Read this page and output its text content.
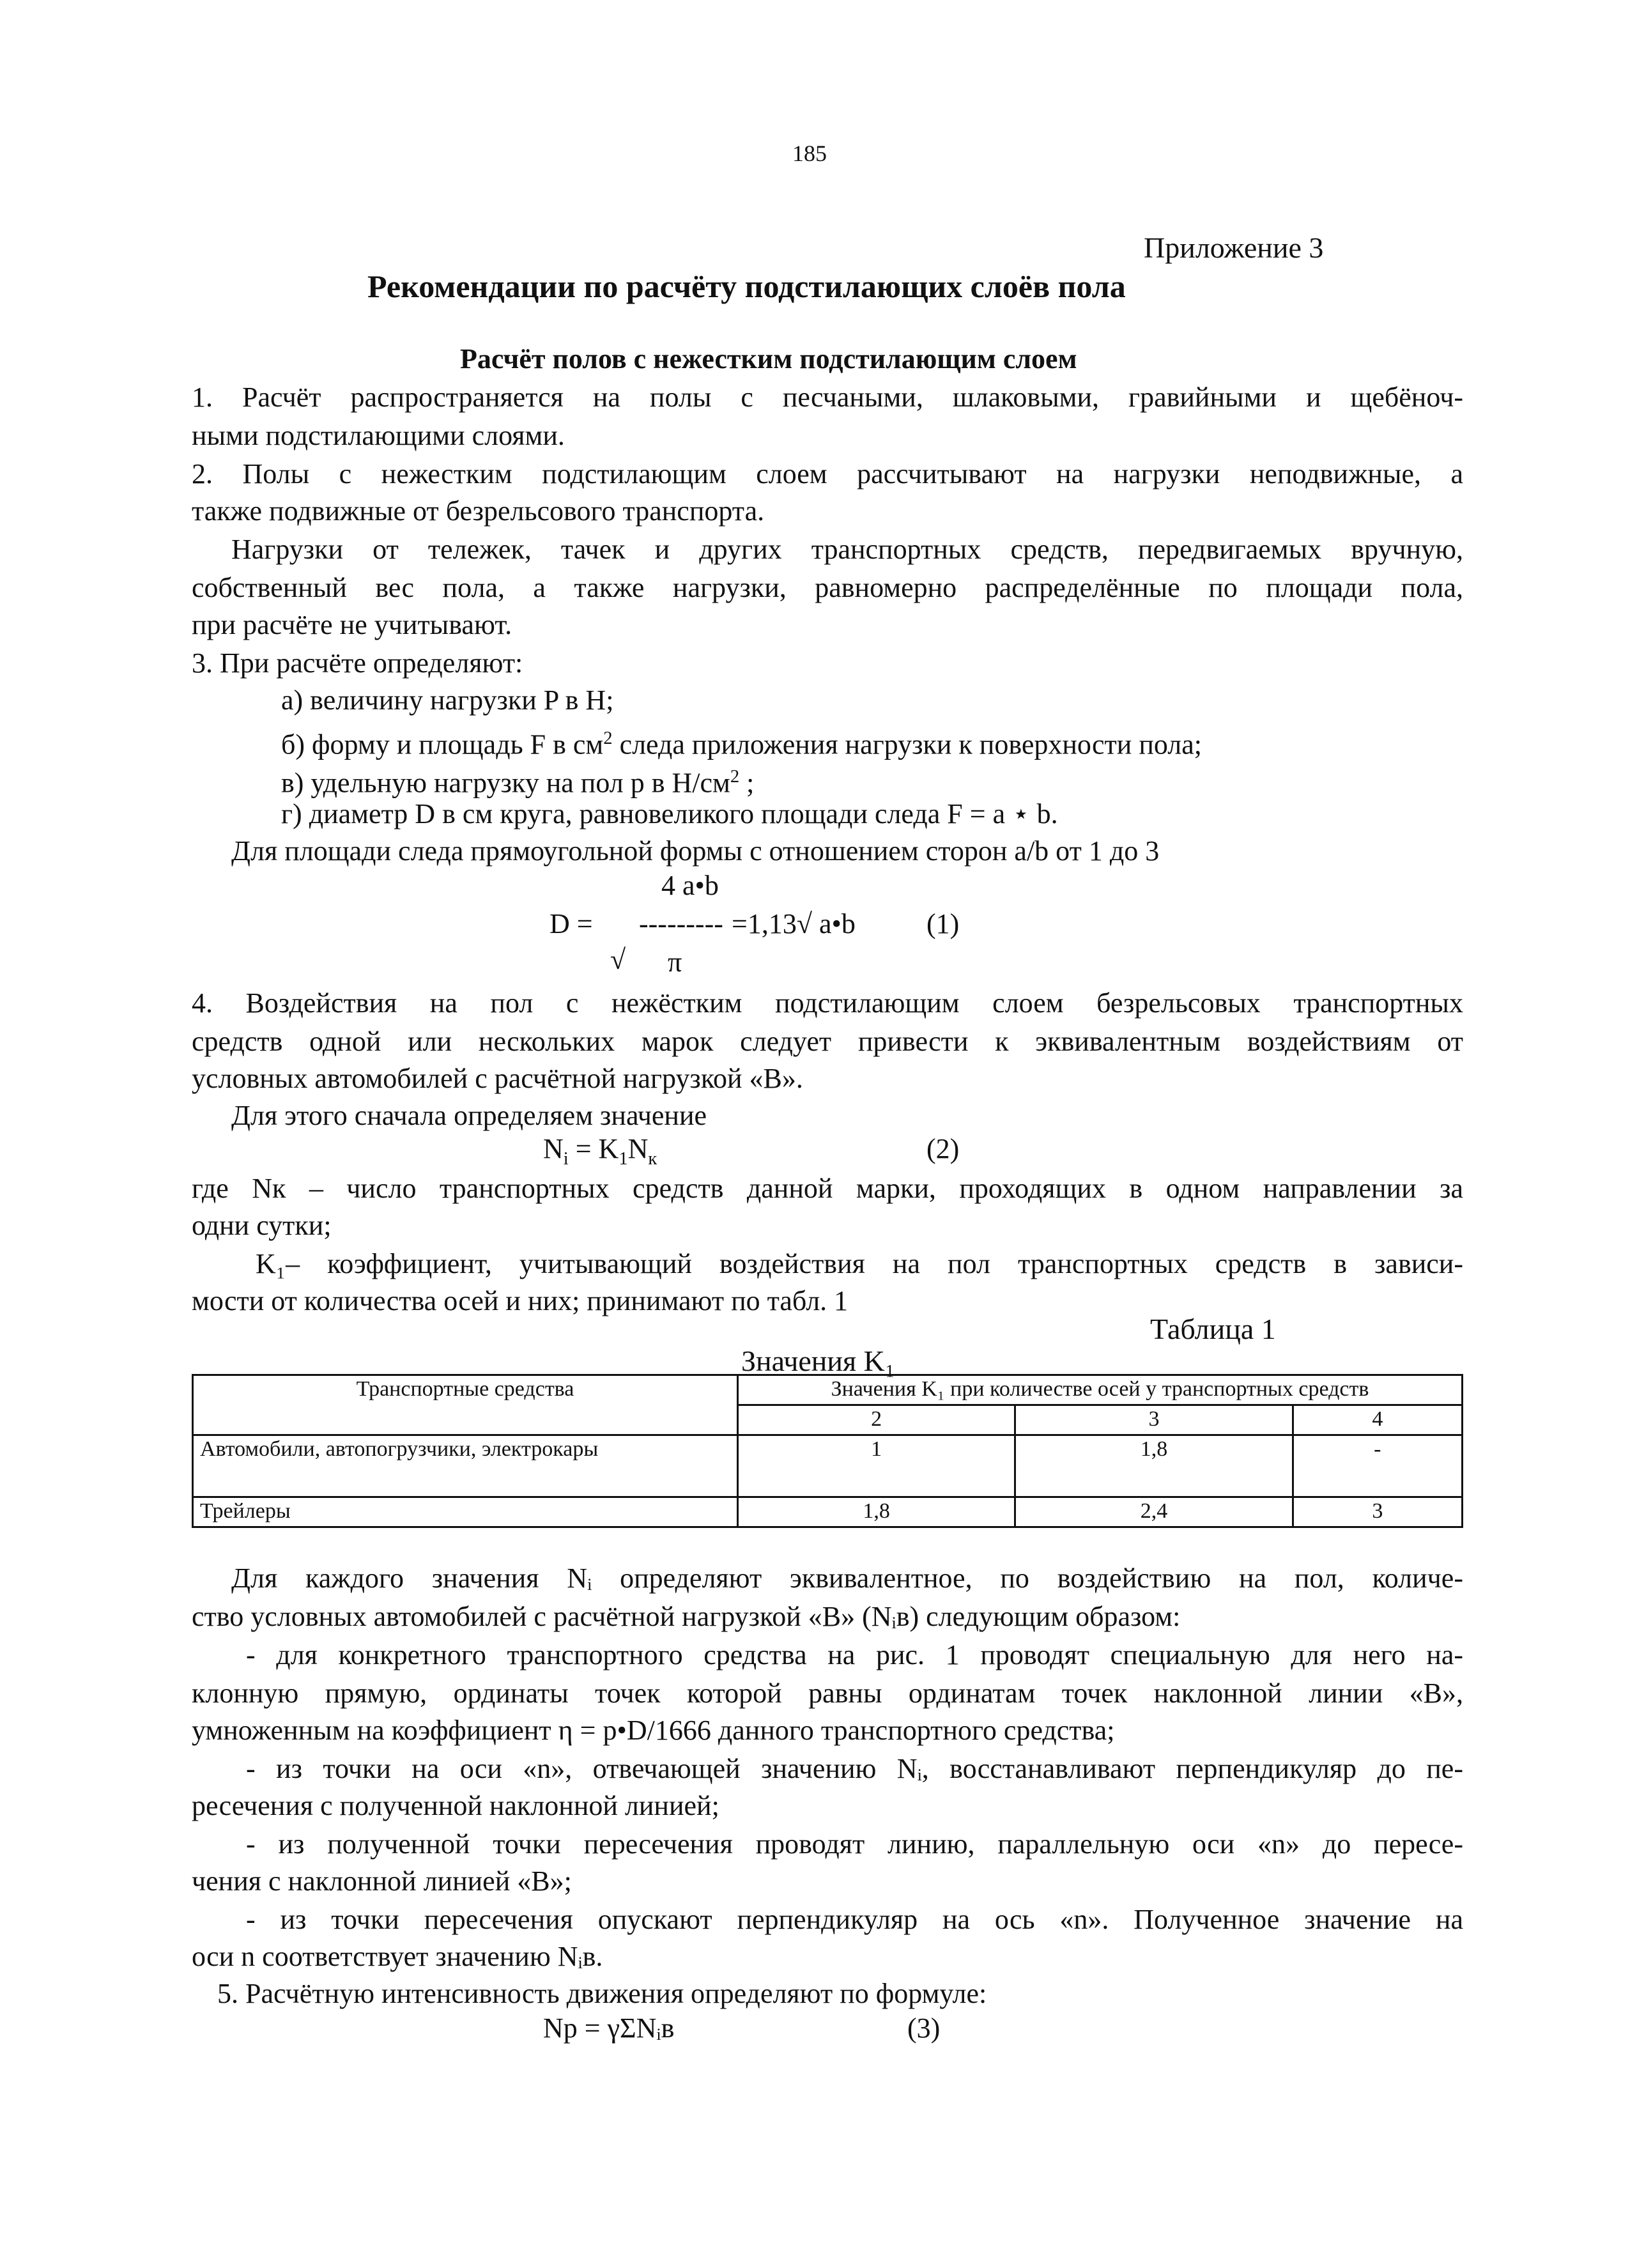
185
Приложение 3
Рекомендации по расчёту подстилающих слоёв пола
Расчёт полов с нежестким подстилающим слоем
1. Расчёт распространяется на полы с песчаными, шлаковыми, гравийными и щебёноч-
ными подстилающими слоями.
2. Полы с нежестким подстилающим слоем рассчитывают на нагрузки неподвижные, а
также подвижные от безрельсового транспорта.
Нагрузки от тележек, тачек и других транспортных средств, передвигаемых вручную,
собственный вес пола, а также нагрузки, равномерно распределённые по площади пола,
при расчёте не учитывают.
3. При расчёте определяют:
а) величину нагрузки P в Н;
б) форму и площадь F в $см^2$ следа приложения нагрузки к поверхности пола;
в) удельную нагрузку на пол p в $Н/см^2$ ;
г) диаметр D в см круга, равновеликого площади следа F = a ⋆ b.
Для площади следа прямоугольной формы с отношением сторон a/b от 1 до 3
4 a•b
D = --------- =1,13√ a•b	(1)
√ π
4. Воздействия на пол с нежёстким подстилающим слоем безрельсовых транспортных
средств одной или нескольких марок следует привести к эквивалентным воздействиям от
условных автомобилей с расчётной нагрузкой «B».
Для этого сначала определяем значение
$N_i = K_1N_к$	(2)
где Nк – число транспортных средств данной марки, проходящих в одном направлении за
одни сутки;
K₁– коэффициент, учитывающий воздействия на пол транспортных средств в зависи-
мости от количества осей и них; принимают по табл. 1
Таблица 1
Значения K₁
Транспортные средства	Значения K₁ при количестве осей у транспортных средств		
	2	3	4
Автомобили, автопогрузчики, электрокары	1	1,8	-
Трейлеры	1,8	2,4	3
Для каждого значения Nᵢ определяют эквивалентное, по воздействию на пол, количе-
ство условных автомобилей с расчётной нагрузкой «B» (Nᵢв) следующим образом:
- для конкретного транспортного средства на рис. 1 проводят специальную для него на-
клонную прямую, ординаты точек которой равны ординатам точек наклонной линии «B»,
умноженным на коэффициент η = p•D/1666 данного транспортного средства;
- из точки на оси «n», отвечающей значению Nᵢ, восстанавливают перпендикуляр до пе-
ресечения с полученной наклонной линией;
- из полученной точки пересечения проводят линию, параллельную оси «n» до пересе-
чения с наклонной линией «B»;
- из точки пересечения опускают перпендикуляр на ось «n». Полученное значение на
оси n соответствует значению Nᵢв.
5. Расчётную интенсивность движения определяют по формуле:
Nр = γΣNᵢв	(3)
